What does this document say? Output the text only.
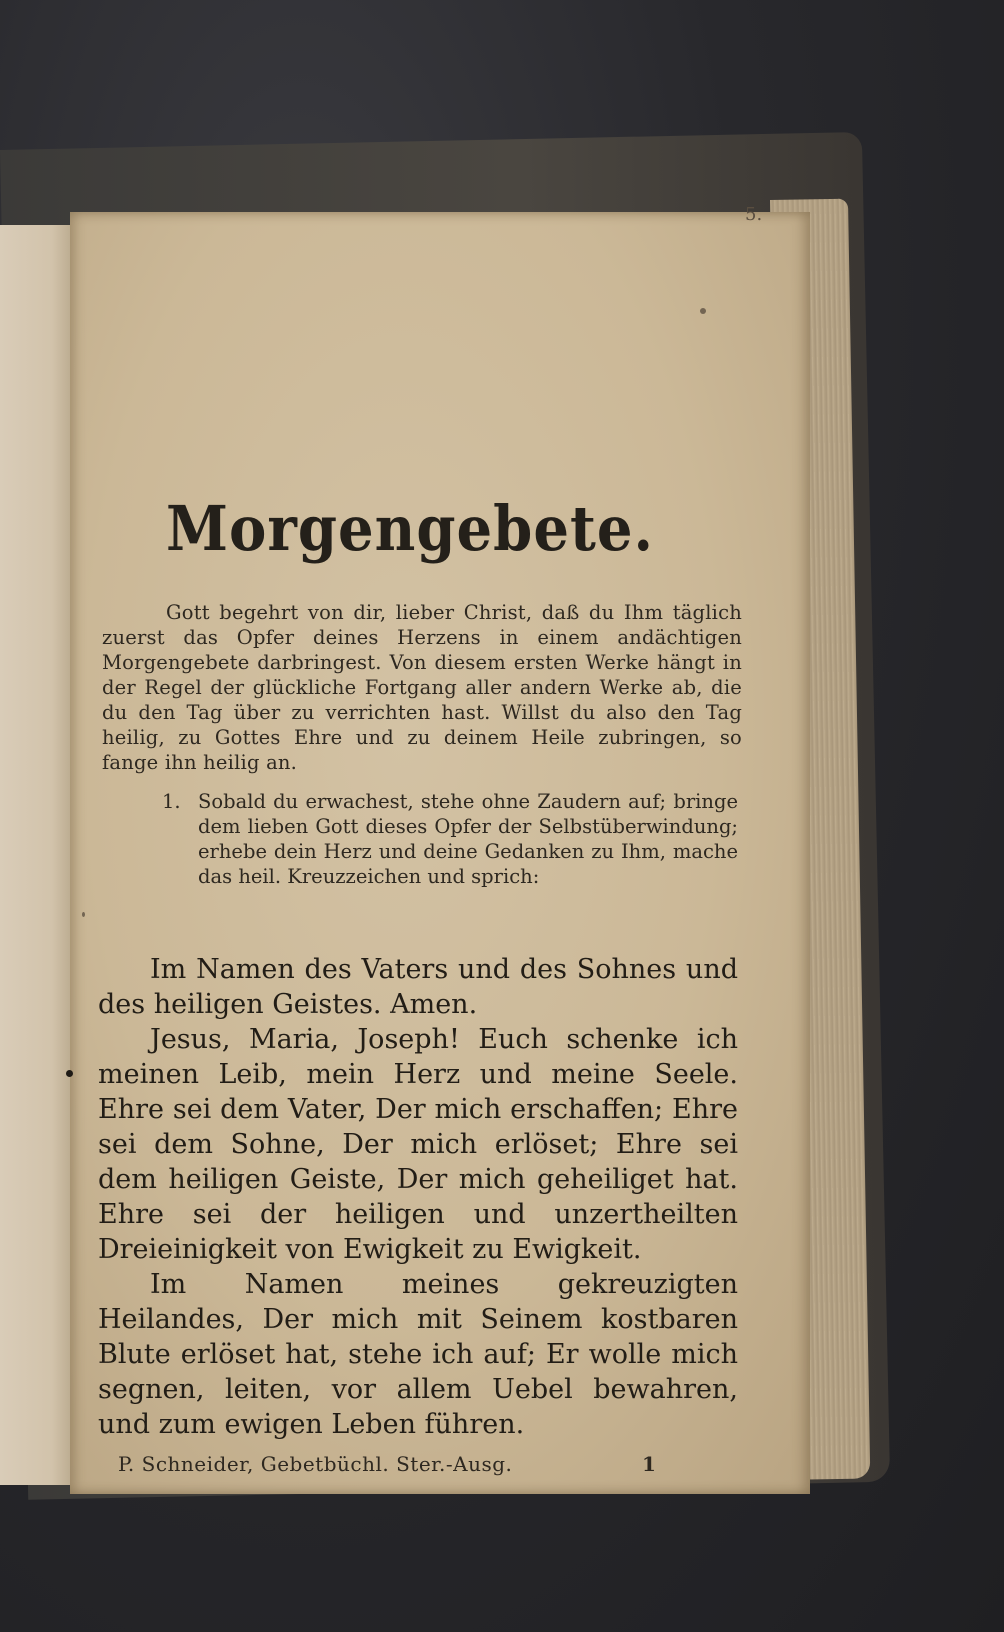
5.
Morgengebete.
Gott begehrt von dir, lieber Christ, daß du Ihm täglich zuerst das Opfer deines Herzens in einem andächtigen Morgengebete darbringest. Von diesem ersten Werke hängt in der Regel der glückliche Fortgang aller andern Werke ab, die du den Tag über zu verrichten hast. Willst du also den Tag heilig, zu Gottes Ehre und zu deinem Heile zubringen, so fange ihn heilig an.
1. Sobald du erwachest, stehe ohne Zaudern auf; bringe dem lieben Gott dieses Opfer der Selbstüberwindung; erhebe dein Herz und deine Gedanken zu Ihm, mache das heil. Kreuzzeichen und sprich:

Im Namen des Vaters und des Sohnes und des heiligen Geistes. Amen.

Jesus, Maria, Joseph! Euch schenke ich meinen Leib, mein Herz und meine Seele. Ehre sei dem Vater, Der mich erschaffen; Ehre sei dem Sohne, Der mich erlöset; Ehre sei dem heiligen Geiste, Der mich geheiliget hat. Ehre sei der heiligen und unzertheilten Dreieinigkeit von Ewigkeit zu Ewigkeit.

Im Namen meines gekreuzigten Heilandes, Der mich mit Seinem kostbaren Blute erlöset hat, stehe ich auf; Er wolle mich segnen, leiten, vor allem Uebel bewahren, und zum ewigen Leben führen.

P. Schneider, Gebetbüchl. Ster.-Ausg.	1
